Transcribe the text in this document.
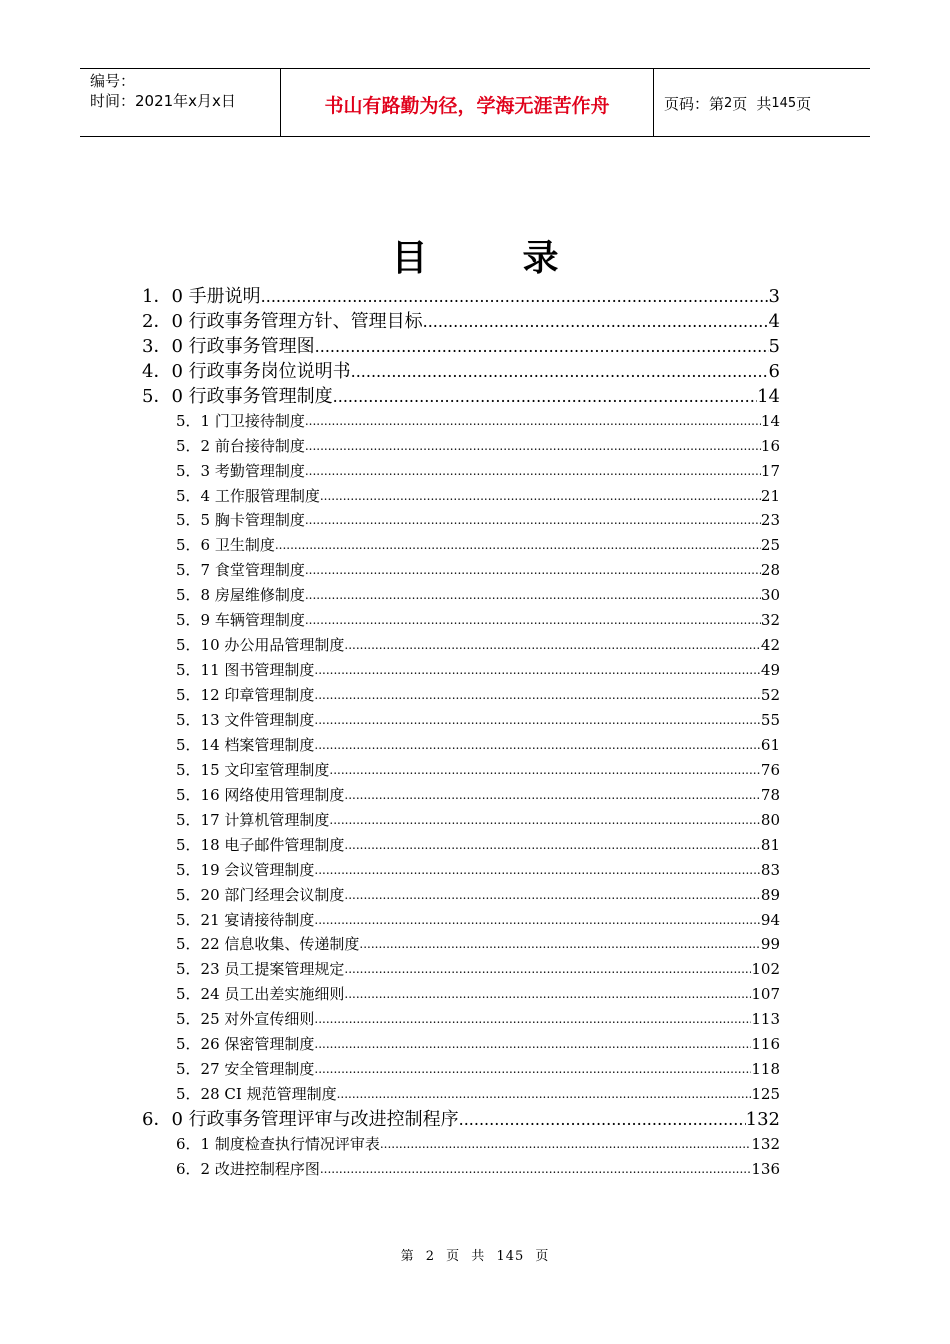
编号：
时间：2021年x月x日	书山有路勤为径，学海无涯苦作舟	页码：第 2 页 共 145 页
目	录
1．0 手册说明 .....	3
2．0 行政事务管理方针、管理目标 .....	4
3．0 行政事务管理图 .....	5
4．0 行政事务岗位说明书 .....	6
5．0 行政事务管理制度 .....	14
5．1 门卫接待制度 .....	14
5．2 前台接待制度 .....	16
5．3 考勤管理制度 .....	17
5．4 工作服管理制度 .....	21
5．5 胸卡管理制度 .....	23
5．6 卫生制度 .....	25
5．7 食堂管理制度 .....	28
5．8 房屋维修制度 .....	30
5．9 车辆管理制度 .....	32
5．10 办公用品管理制度 .....	42
5．11 图书管理制度 .....	49
5．12 印章管理制度 .....	52
5．13 文件管理制度 .....	55
5．14 档案管理制度 .....	61
5．15 文印室管理制度 .....	76
5．16 网络使用管理制度 .....	78
5．17 计算机管理制度 .....	80
5．18 电子邮件管理制度 .....	81
5．19 会议管理制度 .....	83
5．20 部门经理会议制度 .....	89
5．21 宴请接待制度 .....	94
5．22 信息收集、传递制度 .....	99
5．23 员工提案管理规定 .....	102
5．24 员工出差实施细则 .....	107
5．25 对外宣传细则 .....	113
5．26 保密管理制度 .....	116
5．27 安全管理制度 .....	118
5．28 CI 规范管理制度 .....	125
6．0 行政事务管理评审与改进控制程序 .....	132
6．1 制度检查执行情况评审表 .....	132
6．2 改进控制程序图 .....	136
第 2 页 共 145 页
